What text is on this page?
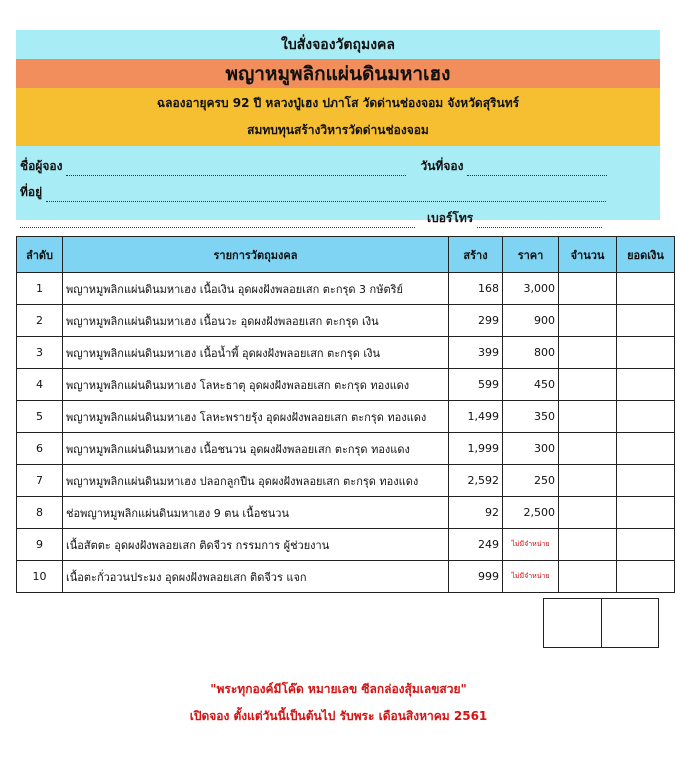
ใบสั่งจองวัตถุมงคล
พญาหมูพลิกแผ่นดินมหาเฮง
ฉลองอายุครบ 92 ปี หลวงปู่เฮง ปภาโส วัดด่านช่องจอม จังหวัดสุรินทร์
สมทบทุนสร้างวิหารวัดด่านช่องจอม
ชื่อผู้จอง	วันที่จอง
ที่อยู่
เบอร์โทร
ลำดับ	รายการวัตถุมงคล	สร้าง	ราคา	จำนวน	ยอดเงิน
1	พญาหมูพลิกแผ่นดินมหาเฮง เนื้อเงิน อุดผงฝังพลอยเสก ตะกรุด 3 กษัตริย์	168	3,000		
2	พญาหมูพลิกแผ่นดินมหาเฮง เนื้อนวะ อุดผงฝังพลอยเสก ตะกรุด เงิน	299	900		
3	พญาหมูพลิกแผ่นดินมหาเฮง เนื้อน้ำพี้ อุดผงฝังพลอยเสก ตะกรุด เงิน	399	800		
4	พญาหมูพลิกแผ่นดินมหาเฮง โลหะธาตุ อุดผงฝังพลอยเสก ตะกรุด ทองแดง	599	450		
5	พญาหมูพลิกแผ่นดินมหาเฮง โลหะพรายรุ้ง อุดผงฝังพลอยเสก ตะกรุด ทองแดง	1,499	350		
6	พญาหมูพลิกแผ่นดินมหาเฮง เนื้อชนวน อุดผงฝังพลอยเสก ตะกรุด ทองแดง	1,999	300		
7	พญาหมูพลิกแผ่นดินมหาเฮง ปลอกลูกปืน อุดผงฝังพลอยเสก ตะกรุด ทองแดง	2,592	250		
8	ช่อพญาหมูพลิกแผ่นดินมหาเฮง 9 ตน เนื้อชนวน	92	2,500		
9	เนื้อสัตตะ อุดผงฝังพลอยเสก ติดจีวร กรรมการ ผู้ช่วยงาน	249	ไม่มีจำหน่าย		
10	เนื้อตะกั่วอวนประมง อุดผงฝังพลอยเสก ติดจีวร แจก	999	ไม่มีจำหน่าย		
"พระทุกองค์มีโค๊ด หมายเลข ซีลกล่องสุ้มเลขสวย"
เปิดจอง ตั้งแต่วันนี้เป็นต้นไป รับพระ เดือนสิงหาคม 2561
